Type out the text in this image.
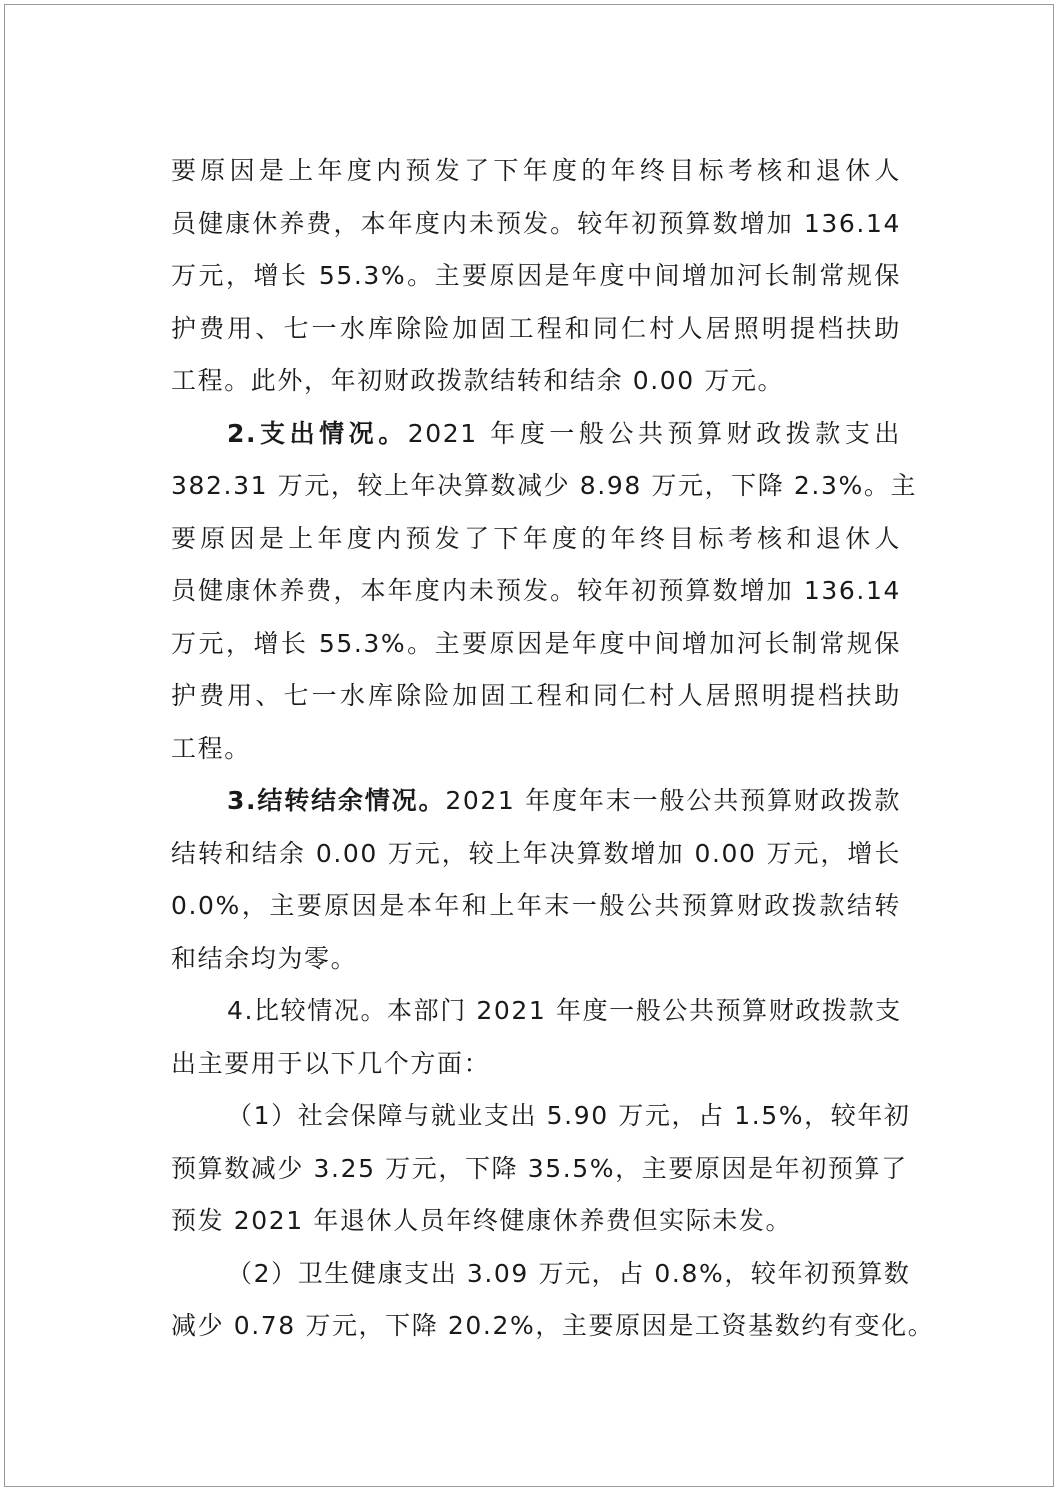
要原因是上年度内预发了下年度的年终目标考核和退休人
员健康休养费，本年度内未预发。较年初预算数增加 136.14
万元，增长 55.3%。主要原因是年度中间增加河长制常规保
护费用、七一水库除险加固工程和同仁村人居照明提档扶助
工程。此外，年初财政拨款结转和结余 0.00 万元。
2.支出情况。2021 年度一般公共预算财政拨款支出
382.31 万元，较上年决算数减少 8.98 万元，下降 2.3%。主
要原因是上年度内预发了下年度的年终目标考核和退休人
员健康休养费，本年度内未预发。较年初预算数增加 136.14
万元，增长 55.3%。主要原因是年度中间增加河长制常规保
护费用、七一水库除险加固工程和同仁村人居照明提档扶助
工程。
3.结转结余情况。2021 年度年末一般公共预算财政拨款
结转和结余 0.00 万元，较上年决算数增加 0.00 万元，增长
0.0%，主要原因是本年和上年末一般公共预算财政拨款结转
和结余均为零。
4.比较情况。本部门 2021 年度一般公共预算财政拨款支
出主要用于以下几个方面：
（1）社会保障与就业支出 5.90 万元，占 1.5%，较年初
预算数减少 3.25 万元，下降 35.5%，主要原因是年初预算了
预发 2021 年退休人员年终健康休养费但实际未发。
（2）卫生健康支出 3.09 万元，占 0.8%，较年初预算数
减少 0.78 万元，下降 20.2%，主要原因是工资基数约有变化。
